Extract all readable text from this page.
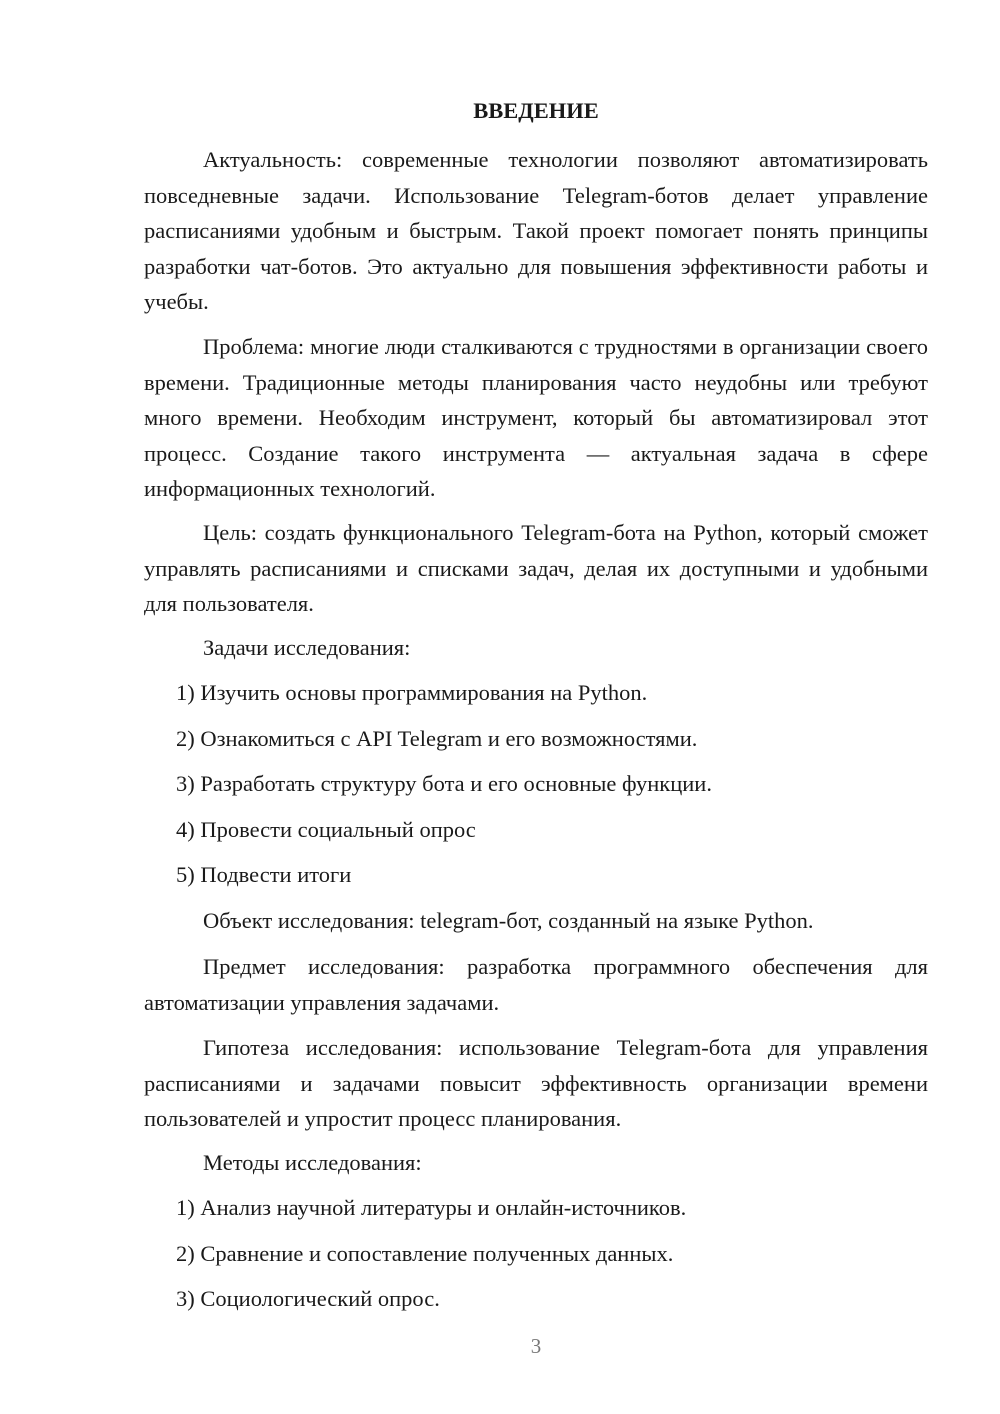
ВВЕДЕНИЕ

Актуальность: современные технологии позволяют автоматизировать повседневные задачи. Использование Telegram-ботов делает управление расписаниями удобным и быстрым. Такой проект помогает понять принципы разработки чат-ботов. Это актуально для повышения эффективности работы и учебы.

Проблема: многие люди сталкиваются с трудностями в организации своего времени. Традиционные методы планирования часто неудобны или требуют много времени. Необходим инструмент, который бы автоматизировал этот процесс. Создание такого инструмента — актуальная задача в сфере информационных технологий.

Цель: создать функционального Telegram-бота на Python, который сможет управлять расписаниями и списками задач, делая их доступными и удобными для пользователя.

Задачи исследования:

1) Изучить основы программирования на Python.

2) Ознакомиться с API Telegram и его возможностями.

3) Разработать структуру бота и его основные функции.

4) Провести социальный опрос

5) Подвести итоги

Объект исследования: telegram-бот, созданный на языке Python.

Предмет исследования: разработка программного обеспечения для автоматизации управления задачами.

Гипотеза исследования: использование Telegram-бота для управления расписаниями и задачами повысит эффективность организации времени пользователей и упростит процесс планирования.

Методы исследования:

1) Анализ научной литературы и онлайн-источников.

2) Сравнение и сопоставление полученных данных.

3) Социологический опрос.

3
